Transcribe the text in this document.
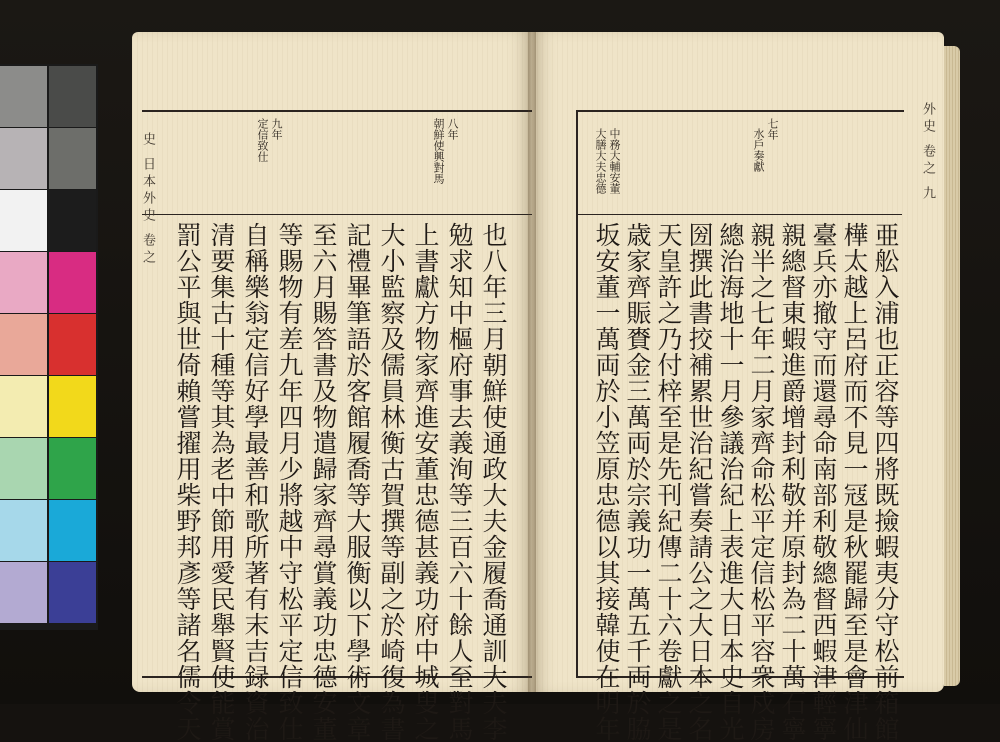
史 日本外史 卷之
八年
朝鮮使興對馬
九年
定信致仕
也八年三月朝鮮使通政大夫金履喬通訓大夫李
勉求知中樞府事去義洵等三百六十餘人至對馬
上書獻方物家齊進安董忠德甚義功府中城叟之
大小監察及儒員林衡古賀撰等副之於崎復為書
記禮畢筆語於客館履喬等大服衡以下學術文章
至六月賜答書及物遣歸家齊尋賞義功忠德安董
等賜物有差九年四月少將越中守松平定信致仕
自稱樂翁定信好學最善和歌所著有末吉録資治
清要集古十種等其為老中節用愛民舉賢使能賞
罰公平與世倚賴嘗擢用柴野邦彥等諸名儒令天
外史 卷之 九
七年
水戶奏獻
中務大輔安董
大膳大夫忠德
亜舩入浦也正容等四將既撿蝦夷分守松前箱館
樺太越上呂府而不見一冦是秋罷歸至是會津仙
臺兵亦撤守而還尋命南部利敬總督西蝦津輕寧
親總督東蝦進爵增封利敬并原封為二十萬石寧
親半之七年二月家齊命松平定信松平容衆戍房
總治海地十一月參議治紀上表進大日本史自光
圀撰此書挍補累世治紀嘗奏請公之大日本之名
天皇許之乃付梓至是先刊紀傳二十六卷獻之是
歳家齊賑賚金三萬両於宗義功一萬五千両於脇
坂安董一萬両於小笠原忠德以其接韓使在明年
